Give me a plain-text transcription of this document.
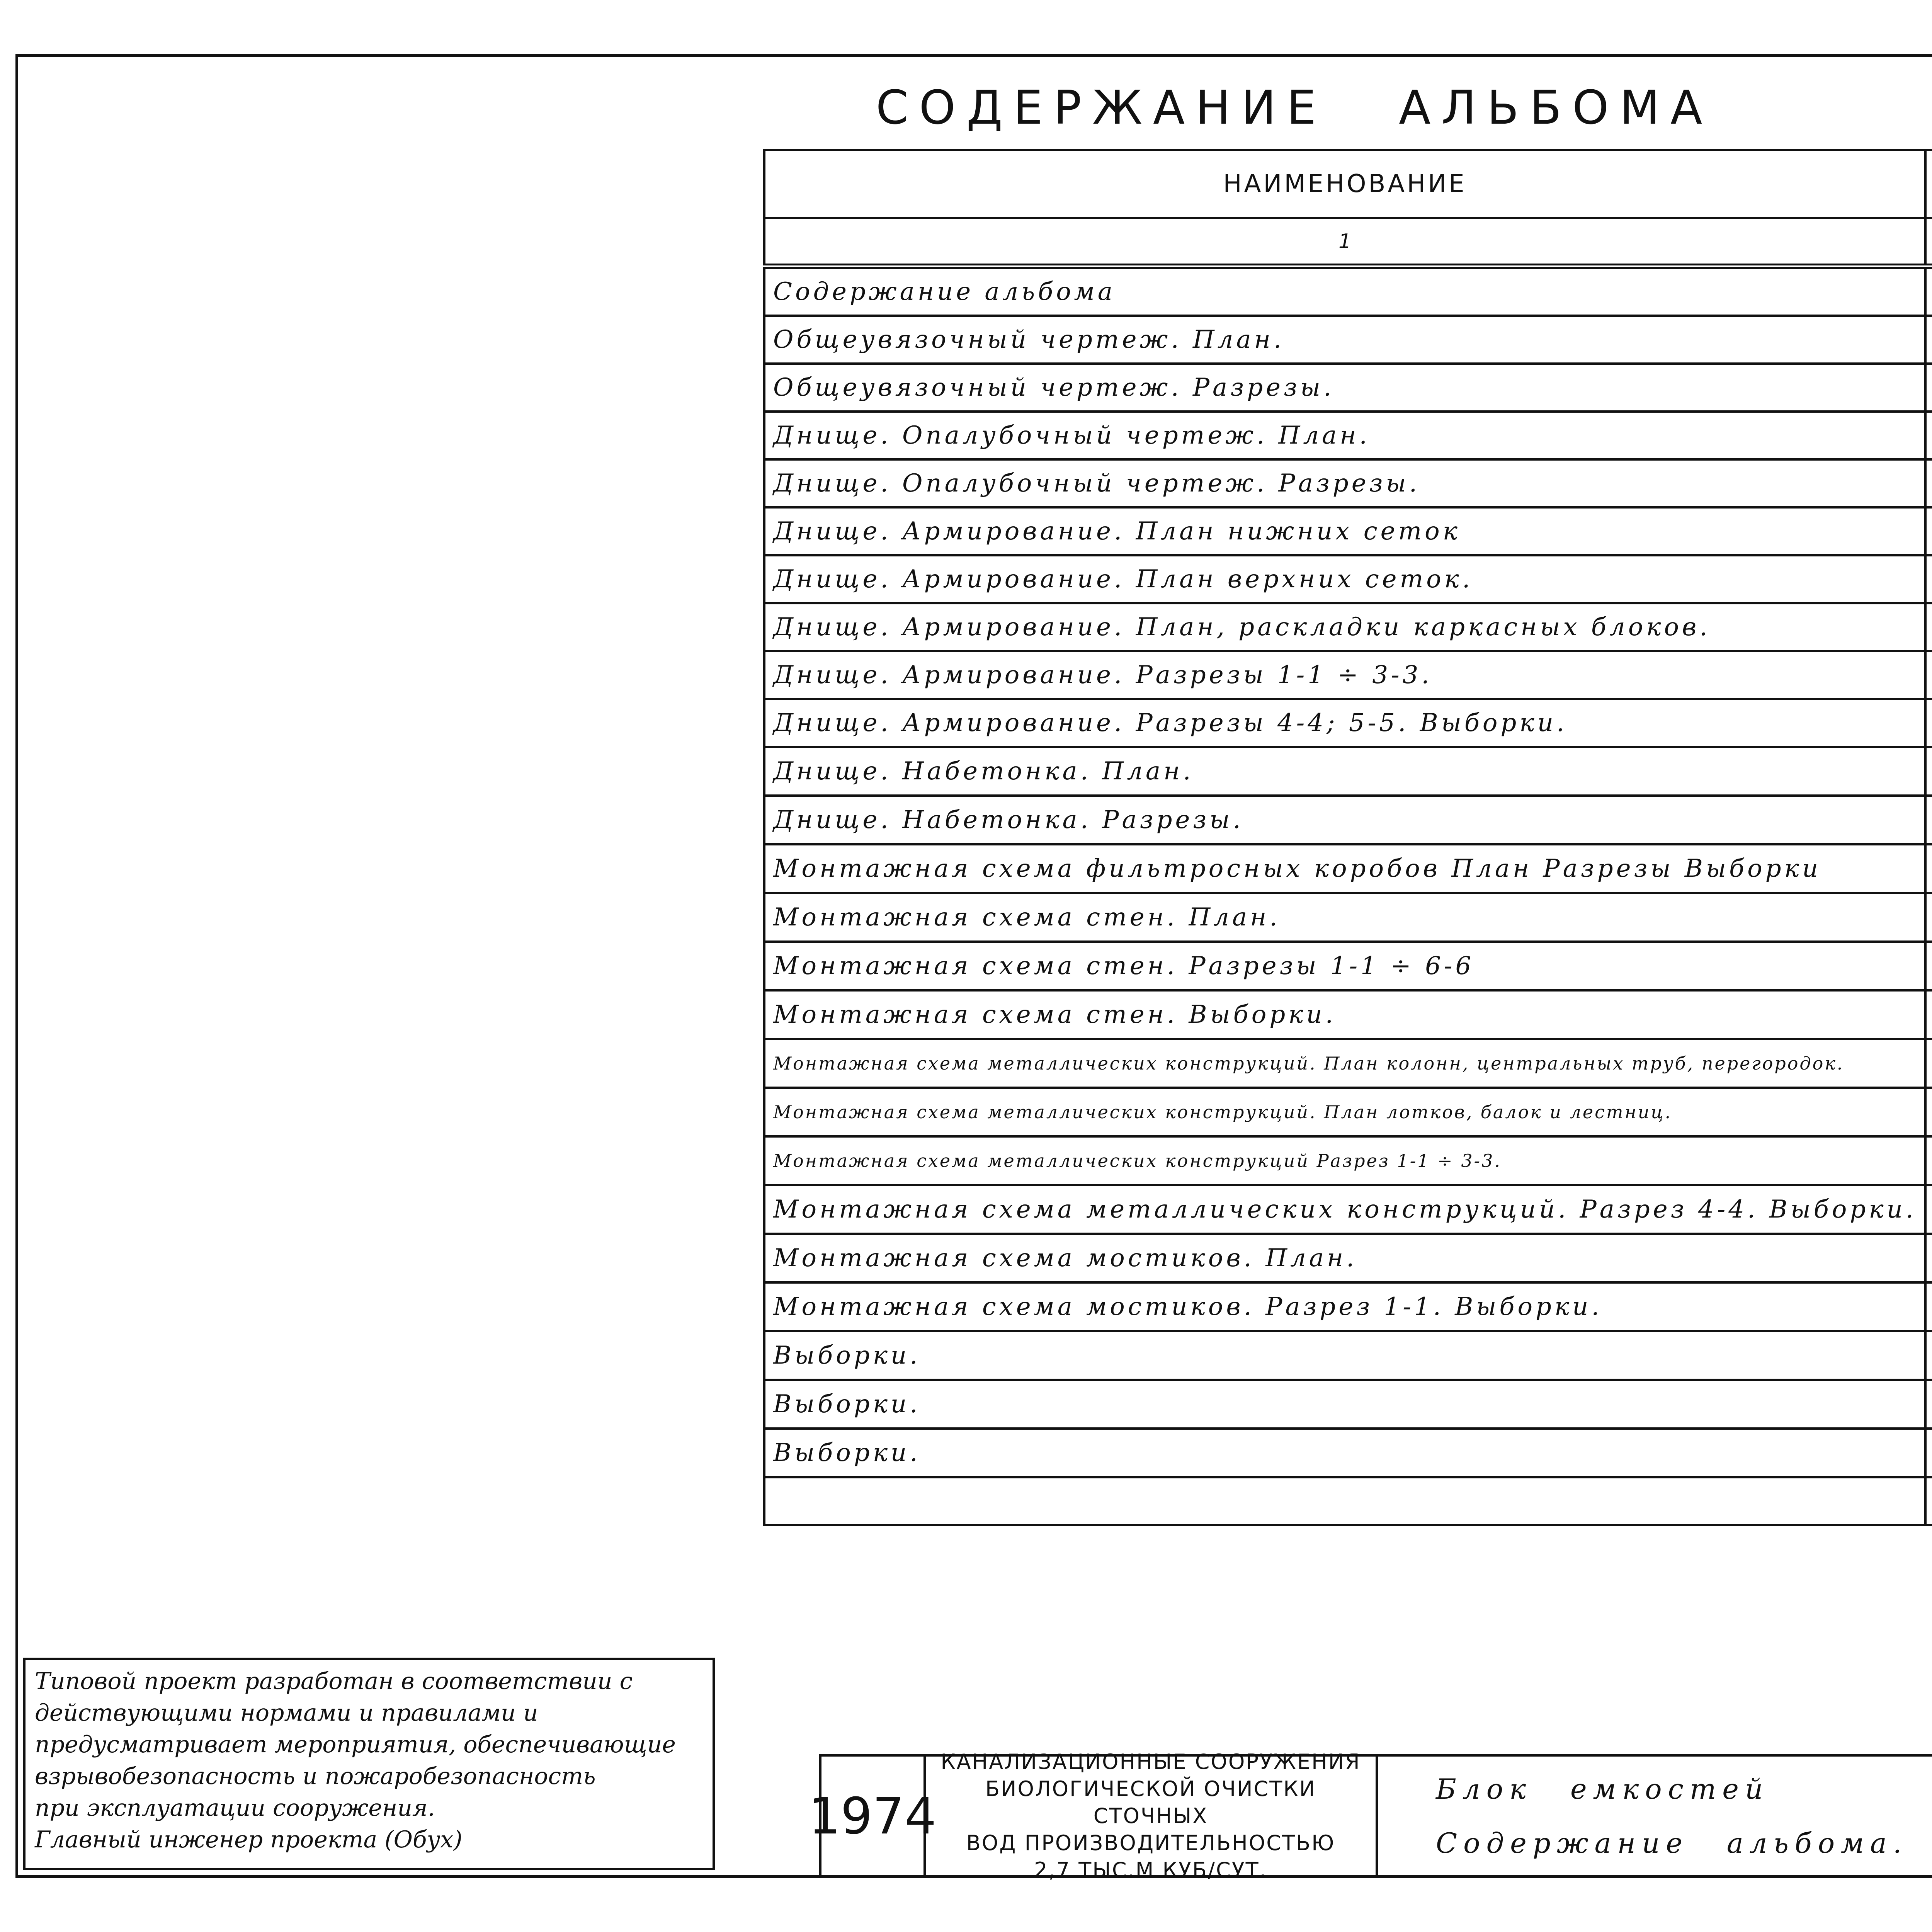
СОДЕРЖАНИЕ АЛЬБОМА
НАИМЕНОВАНИЕ		
1		
Содержание альбома		
Общеувязочный чертеж. План.		
Общеувязочный чертеж. Разрезы.		
Днище. Опалубочный чертеж. План.		
Днище. Опалубочный чертеж. Разрезы.		
Днище. Армирование. План нижних сеток		
Днище. Армирование. План верхних сеток.		
Днище. Армирование. План, раскладки каркасных блоков.		
Днище. Армирование. Разрезы 1-1 ÷ 3-3.		
Днище. Армирование. Разрезы 4-4; 5-5. Выборки.		
Днище. Набетонка. План.		
Днище. Набетонка. Разрезы.		
Монтажная схема фильтросных коробов План Разрезы Выборки		
Монтажная схема стен. План.		
Монтажная схема стен. Разрезы 1-1 ÷ 6-6		
Монтажная схема стен. Выборки.		
Монтажная схема металлических конструкций. План колонн, центральных труб, перегородок.		
Монтажная схема металлических конструкций. План лотков, балок и лестниц.		
Монтажная схема металлических конструкций Разрез 1-1 ÷ 3-3.		
Монтажная схема металлических конструкций. Разрез 4-4. Выборки.		
Монтажная схема мостиков. План.		
Монтажная схема мостиков. Разрез 1-1. Выборки.		
Выборки.		
Выборки.		
Выборки.		

Типовой проект разработан в соответствии с

действующими нормами и правилами и

предусматривает мероприятия, обеспечивающие

взрывобезопасность и пожаробезопасность

при эксплуатации сооружения.

Главный инженер проекта (Обух)	1974
КАНАЛИЗАЦИОННЫЕ СООРУЖЕНИЯ
БИОЛОГИЧЕСКОЙ ОЧИСТКИ СТОЧНЫХ
ВОД ПРОИЗВОДИТЕЛЬНОСТЬЮ
2,7 ТЫС.М КУБ/СУТ.
Блок емкостей
Содержание альбома.
